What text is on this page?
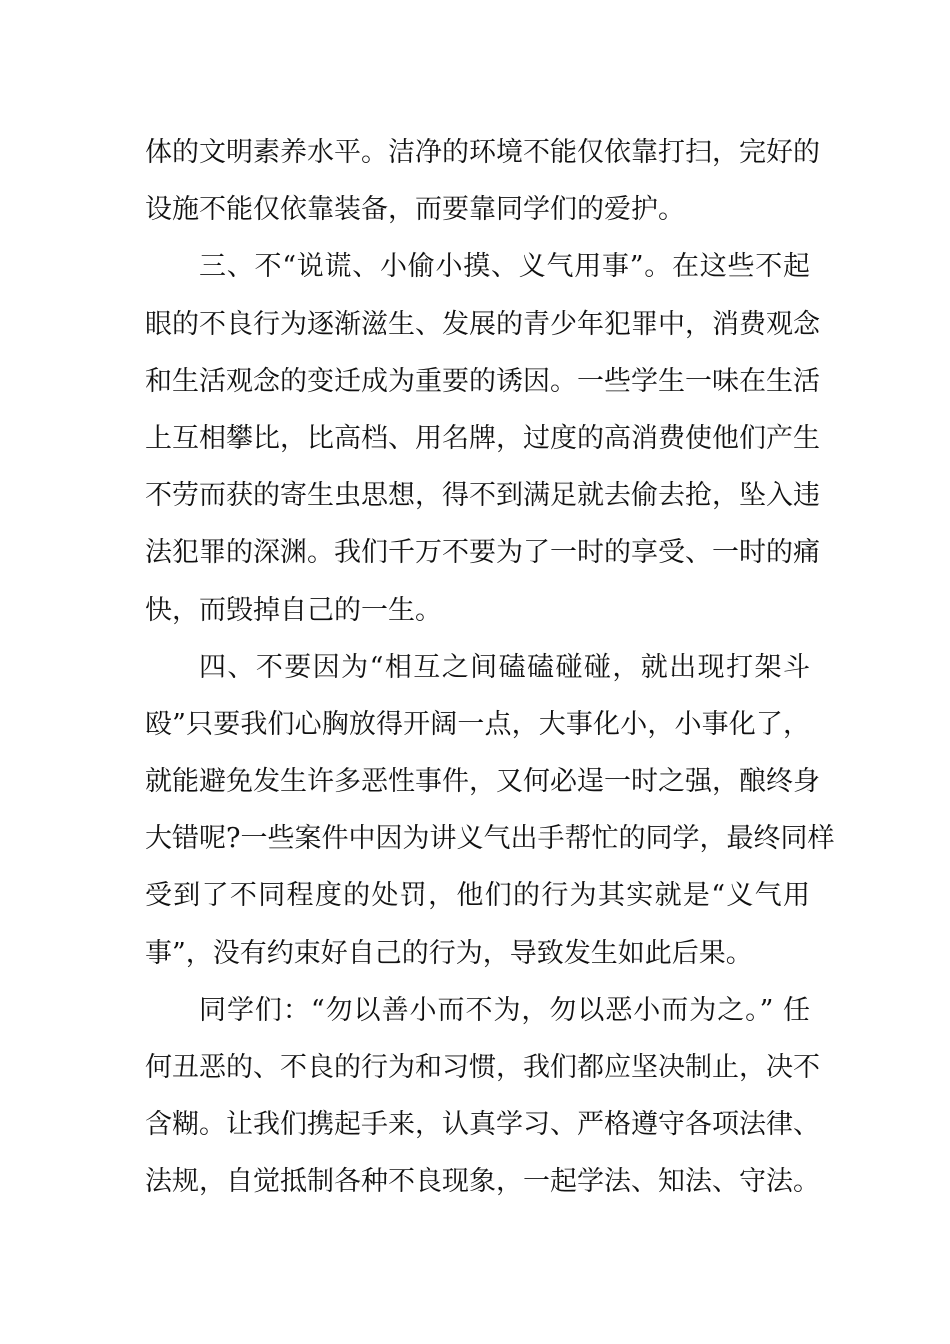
体的文明素养水平。洁净的环境不能仅依靠打扫，完好的
设施不能仅依靠装备，而要靠同学们的爱护。
三、不“说谎、小偷小摸、义气用事”。在这些不起
眼的不良行为逐渐滋生、发展的青少年犯罪中，消费观念
和生活观念的变迁成为重要的诱因。一些学生一味在生活
上互相攀比，比高档、用名牌，过度的高消费使他们产生
不劳而获的寄生虫思想，得不到满足就去偷去抢，坠入违
法犯罪的深渊。我们千万不要为了一时的享受、一时的痛
快，而毁掉自己的一生。
四、不要因为“相互之间磕磕碰碰，就出现打架斗
殴”只要我们心胸放得开阔一点，大事化小，小事化了，
就能避免发生许多恶性事件，又何必逞一时之强，酿终身
大错呢?一些案件中因为讲义气出手帮忙的同学，最终同样
受到了不同程度的处罚，他们的行为其实就是“义气用
事”，没有约束好自己的行为，导致发生如此后果。
同学们：“勿以善小而不为，勿以恶小而为之。” 任
何丑恶的、不良的行为和习惯，我们都应坚决制止，决不
含糊。让我们携起手来，认真学习、严格遵守各项法律、
法规，自觉抵制各种不良现象，一起学法、知法、守法。
